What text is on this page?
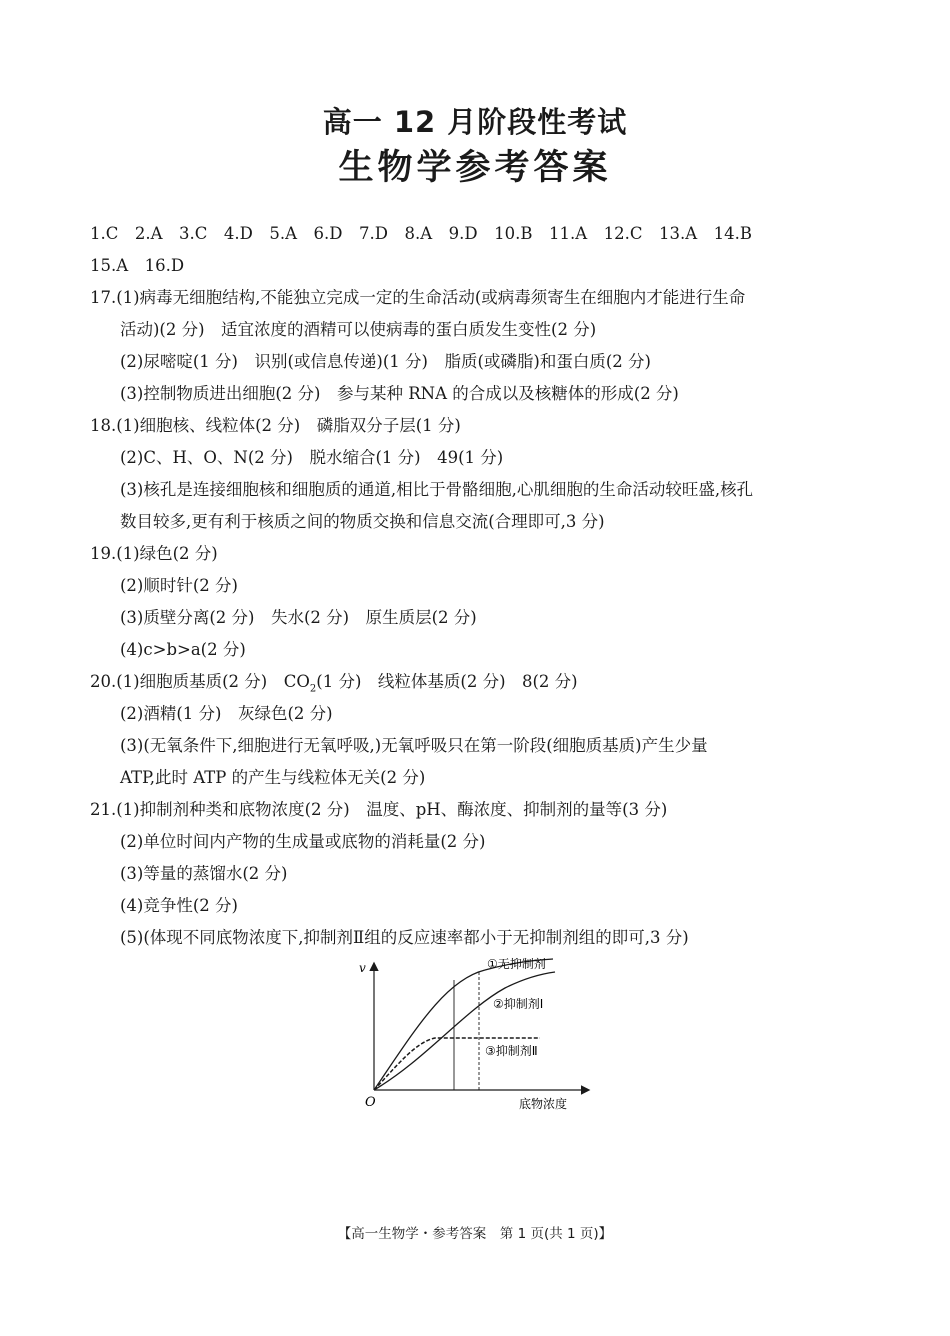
高一 12 月阶段性考试
生物学参考答案
1.C　2.A　3.C　4.D　5.A　6.D　7.D　8.A　9.D　10.B　11.A　12.C　13.A　14.B
15.A　16.D
17.(1)病毒无细胞结构,不能独立完成一定的生命活动(或病毒须寄生在细胞内才能进行生命
活动)(2 分)　适宜浓度的酒精可以使病毒的蛋白质发生变性(2 分)
(2)尿嘧啶(1 分)　识别(或信息传递)(1 分)　脂质(或磷脂)和蛋白质(2 分)
(3)控制物质进出细胞(2 分)　参与某种 RNA 的合成以及核糖体的形成(2 分)
18.(1)细胞核、线粒体(2 分)　磷脂双分子层(1 分)
(2)C、H、O、N(2 分)　脱水缩合(1 分)　49(1 分)
(3)核孔是连接细胞核和细胞质的通道,相比于骨骼细胞,心肌细胞的生命活动较旺盛,核孔
数目较多,更有利于核质之间的物质交换和信息交流(合理即可,3 分)
19.(1)绿色(2 分)
(2)顺时针(2 分)
(3)质壁分离(2 分)　失水(2 分)　原生质层(2 分)
(4)c>b>a(2 分)
20.(1)细胞质基质(2 分)　$CO_2(1$ 分)　线粒体基质(2 分)　8(2 分)
(2)酒精(1 分)　灰绿色(2 分)
(3)(无氧条件下,细胞进行无氧呼吸,)无氧呼吸只在第一阶段(细胞质基质)产生少量
ATP,此时 ATP 的产生与线粒体无关(2 分)
21.(1)抑制剂种类和底物浓度(2 分)　温度、pH、酶浓度、抑制剂的量等(3 分)
(2)单位时间内产物的生成量或底物的消耗量(2 分)
(3)等量的蒸馏水(2 分)
(4)竞争性(2 分)
(5)(体现不同底物浓度下,抑制剂Ⅱ组的反应速率都小于无抑制剂组的即可,3 分)
v
O	底物浓度
①无抑制剂
②抑制剂Ⅰ
③抑制剂Ⅱ
【高一生物学・参考答案　第 1 页(共 1 页)】
